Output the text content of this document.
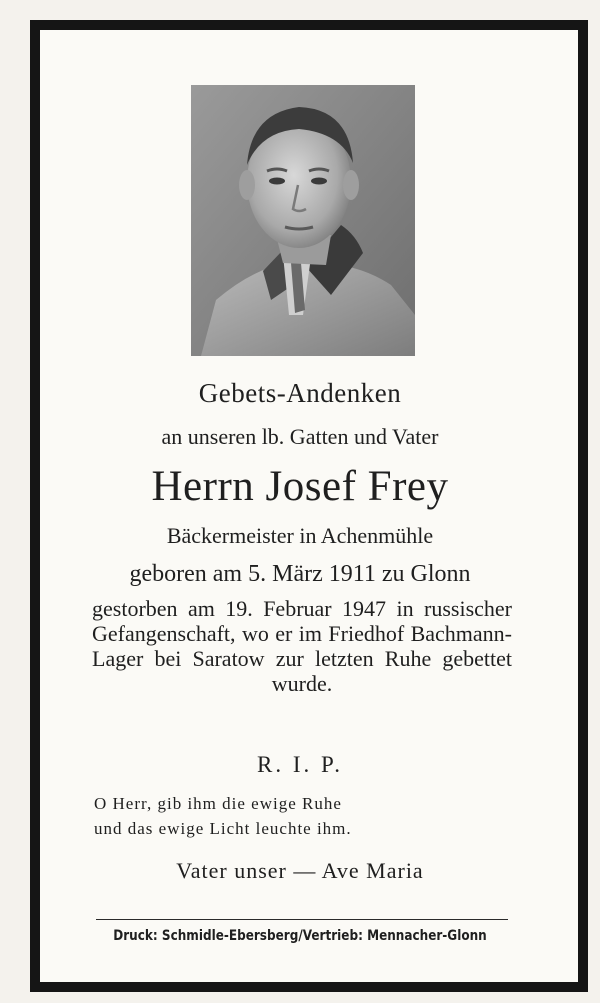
Gebets-Andenken
an unseren lb. Gatten und Vater
Herrn Josef Frey
Bäckermeister in Achenmühle
geboren am 5. März 1911 zu Glonn
gestorben am 19. Februar 1947 in russischer Gefangenschaft, wo er im Friedhof Bachmann-Lager bei Saratow zur letzten Ruhe gebettet wurde.
R. I. P.
O Herr, gib ihm die ewige Ruhe
und das ewige Licht leuchte ihm.
Vater unser — Ave Maria
Druck: Schmidle-Ebersberg/Vertrieb: Mennacher-Glonn
